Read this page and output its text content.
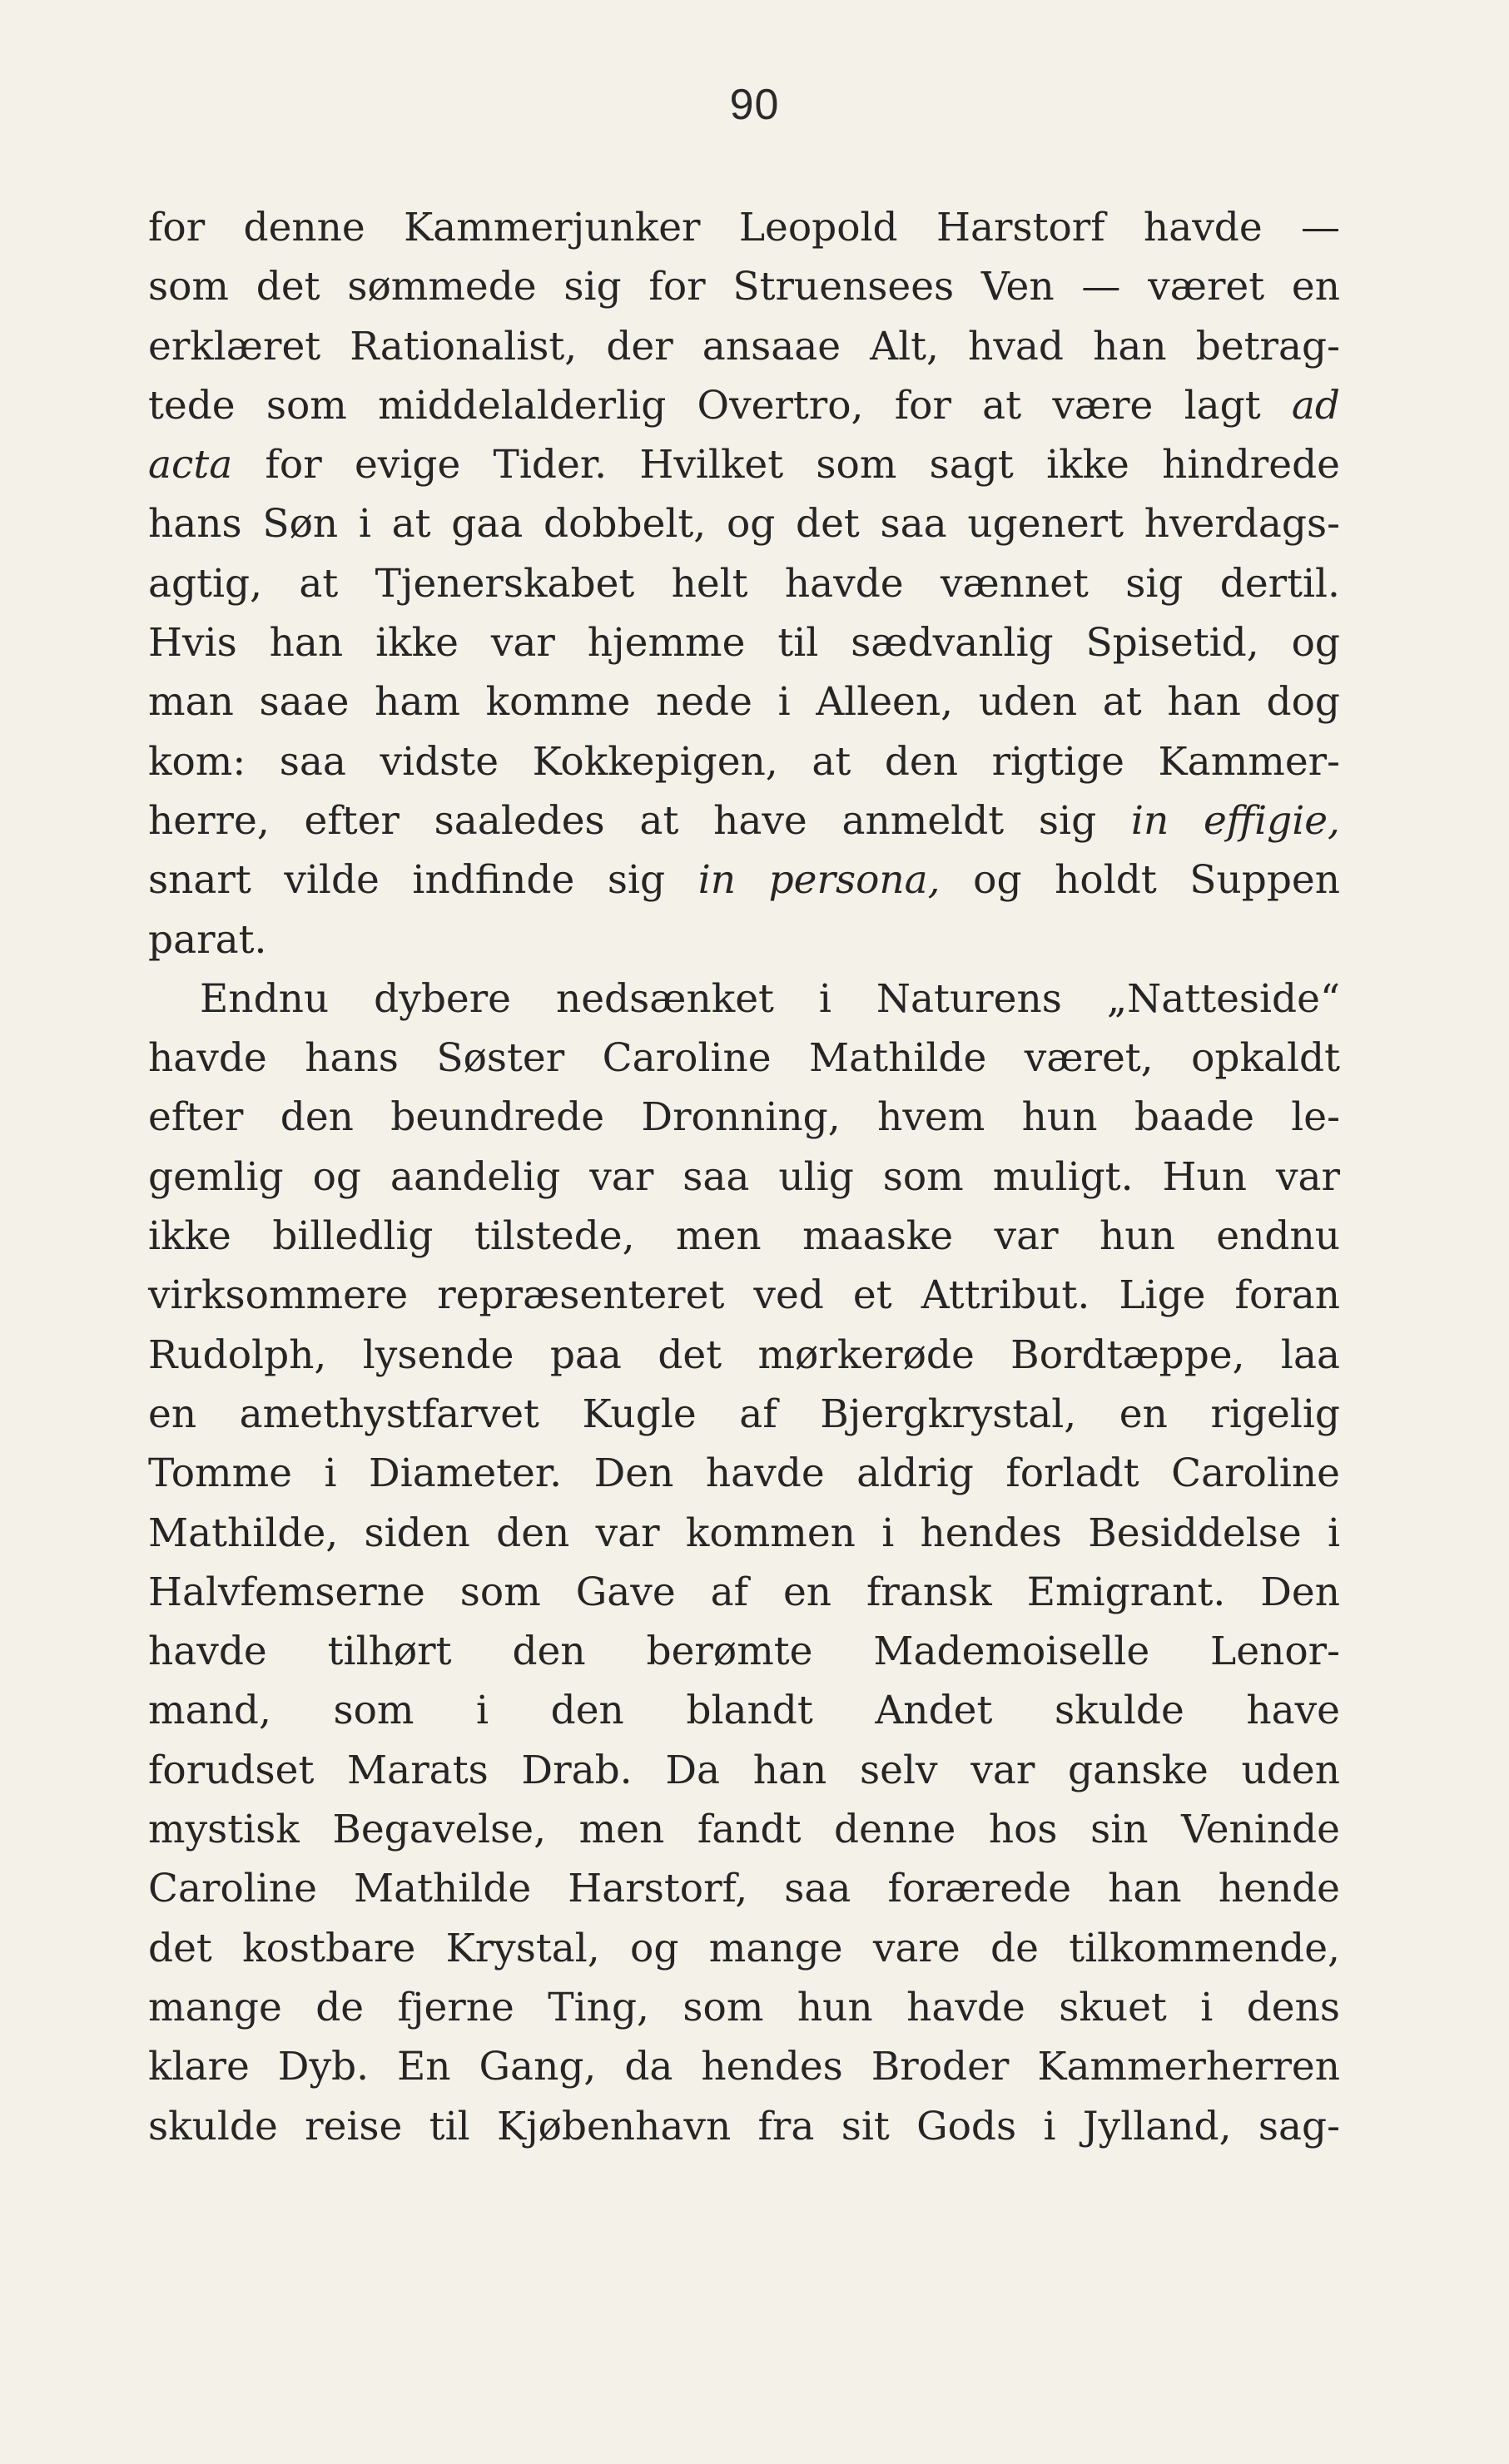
90
for denne Kammerjunker Leopold Harstorf havde —
som det sømmede sig for Struensees Ven — været en
erklæret Rationalist, der ansaae Alt, hvad han betrag-
tede som middelalderlig Overtro, for at være lagt ad
acta for evige Tider. Hvilket som sagt ikke hindrede
hans Søn i at gaa dobbelt, og det saa ugenert hverdags-
agtig, at Tjenerskabet helt havde vænnet sig dertil.
Hvis han ikke var hjemme til sædvanlig Spisetid, og
man saae ham komme nede i Alleen, uden at han dog
kom: saa vidste Kokkepigen, at den rigtige Kammer-
herre, efter saaledes at have anmeldt sig in effigie,
snart vilde indfinde sig in persona, og holdt Suppen
parat.
Endnu dybere nedsænket i Naturens „Natteside“
havde hans Søster Caroline Mathilde været, opkaldt
efter den beundrede Dronning, hvem hun baade le-
gemlig og aandelig var saa ulig som muligt. Hun var
ikke billedlig tilstede, men maaske var hun endnu
virksommere repræsenteret ved et Attribut. Lige foran
Rudolph, lysende paa det mørkerøde Bordtæppe, laa
en amethystfarvet Kugle af Bjergkrystal, en rigelig
Tomme i Diameter. Den havde aldrig forladt Caroline
Mathilde, siden den var kommen i hendes Besiddelse i
Halvfemserne som Gave af en fransk Emigrant. Den
havde tilhørt den berømte Mademoiselle Lenor-
mand, som i den blandt Andet skulde have
forudset Marats Drab. Da han selv var ganske uden
mystisk Begavelse, men fandt denne hos sin Veninde
Caroline Mathilde Harstorf, saa forærede han hende
det kostbare Krystal, og mange vare de tilkommende,
mange de fjerne Ting, som hun havde skuet i dens
klare Dyb. En Gang, da hendes Broder Kammerherren
skulde reise til Kjøbenhavn fra sit Gods i Jylland, sag-
